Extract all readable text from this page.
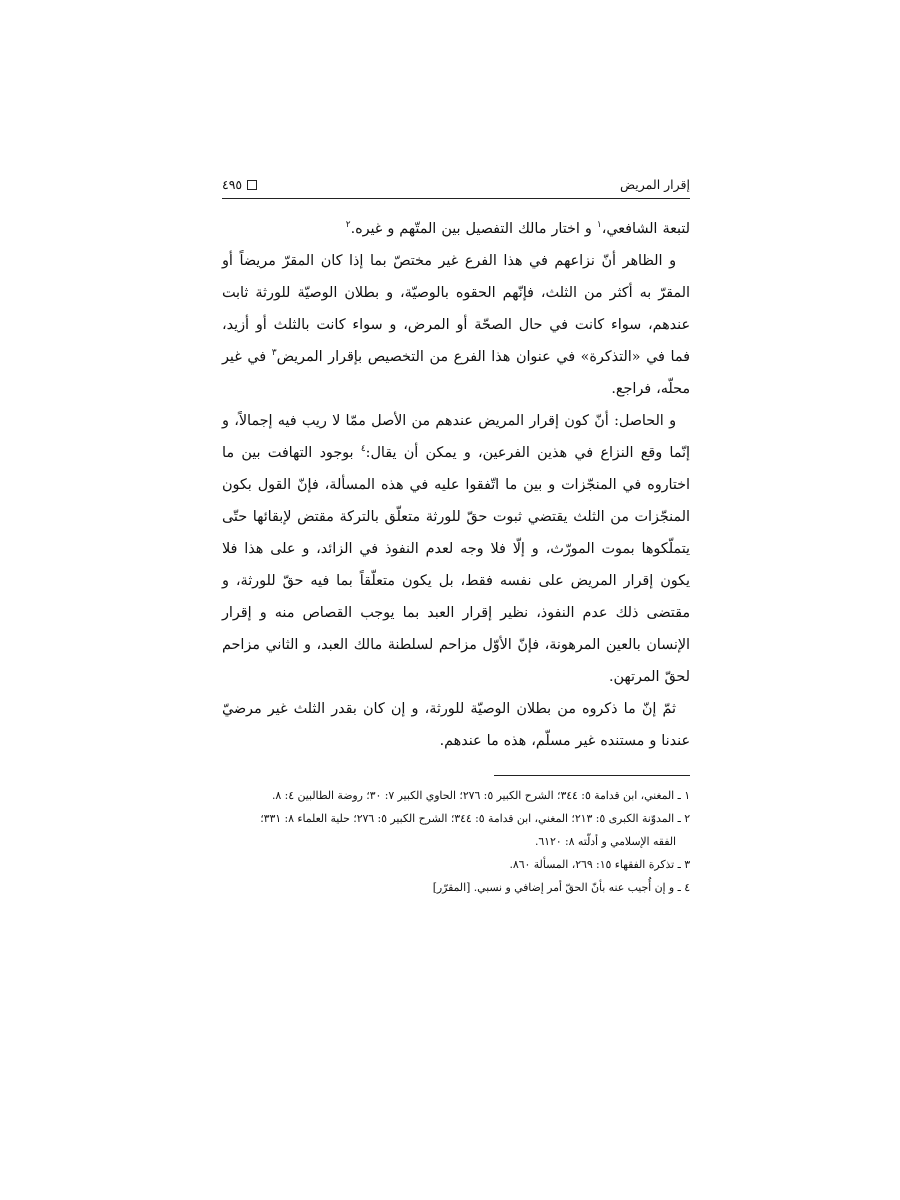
إقرار المريض
٤٩٥

لتبعة الشافعي،$^١$ و اختار مالك التفصيل بين المتّهم و غيره.$^٢$

و الظاهر أنّ نزاعهم في هذا الفرع غير مختصّ بما إذا كان المقرّ مريضاً أو المقرّ به أكثر من الثلث، فإنّهم الحقوه بالوصيّة، و بطلان الوصيّة للورثة ثابت عندهم، سواء كانت في حال الصحّة أو المرض، و سواء كانت بالثلث أو أزيد، فما في «التذكرة» في عنوان هذا الفرع من التخصيص بإقرار المريض$^٣$ في غير محلّه، فراجع.

و الحاصل: أنّ كون إقرار المريض عندهم من الأصل ممّا لا ريب فيه إجمالاً، و إنّما وقع النزاع في هذين الفرعين، و يمكن أن يقال:$^٤$ بوجود التهافت بين ما اختاروه في المنجّزات و بين ما اتّفقوا عليه في هذه المسألة، فإنّ القول بكون المنجّزات من الثلث يقتضي ثبوت حقّ للورثة متعلّق بالتركة مقتض لإبقائها حتّى يتملّكوها بموت المورّث، و إلّا فلا وجه لعدم النفوذ في الزائد، و على هذا فلا يكون إقرار المريض على نفسه فقط، بل يكون متعلّقاً بما فيه حقّ للورثة، و مقتضى ذلك عدم النفوذ، نظير إقرار العبد بما يوجب القصاص منه و إقرار الإنسان بالعين المرهونة، فإنّ الأوّل مزاحم لسلطنة مالك العبد، و الثاني مزاحم لحقّ المرتهن.

ثمّ إنّ ما ذكروه من بطلان الوصيّة للورثة، و إن كان بقدر الثلث غير مرضيّ عندنا و مستنده غير مسلّم، هذه ما عندهم.

١ ـ المغني، ابن قدامة ٥: ٣٤٤؛ الشرح الكبير ٥: ٢٧٦؛ الحاوي الكبير ٧: ٣٠؛ روضة الطالبين ٤: ٨.

٢ ـ المدوّنة الكبرى ٥: ٢١٣؛ المغني، ابن قدامة ٥: ٣٤٤؛ الشرح الكبير ٥: ٢٧٦؛ حلية العلماء ٨: ٣٣١؛
الفقه الإسلامي و أدلّته ٨: ٦١٢٠.

٣ ـ تذكرة الفقهاء ١٥: ٢٦٩، المسألة ٨٦٠.

٤ ـ و إن أُجيب عنه بأنّ الحقّ أمر إضافي و نسبي. [المقرّر]
